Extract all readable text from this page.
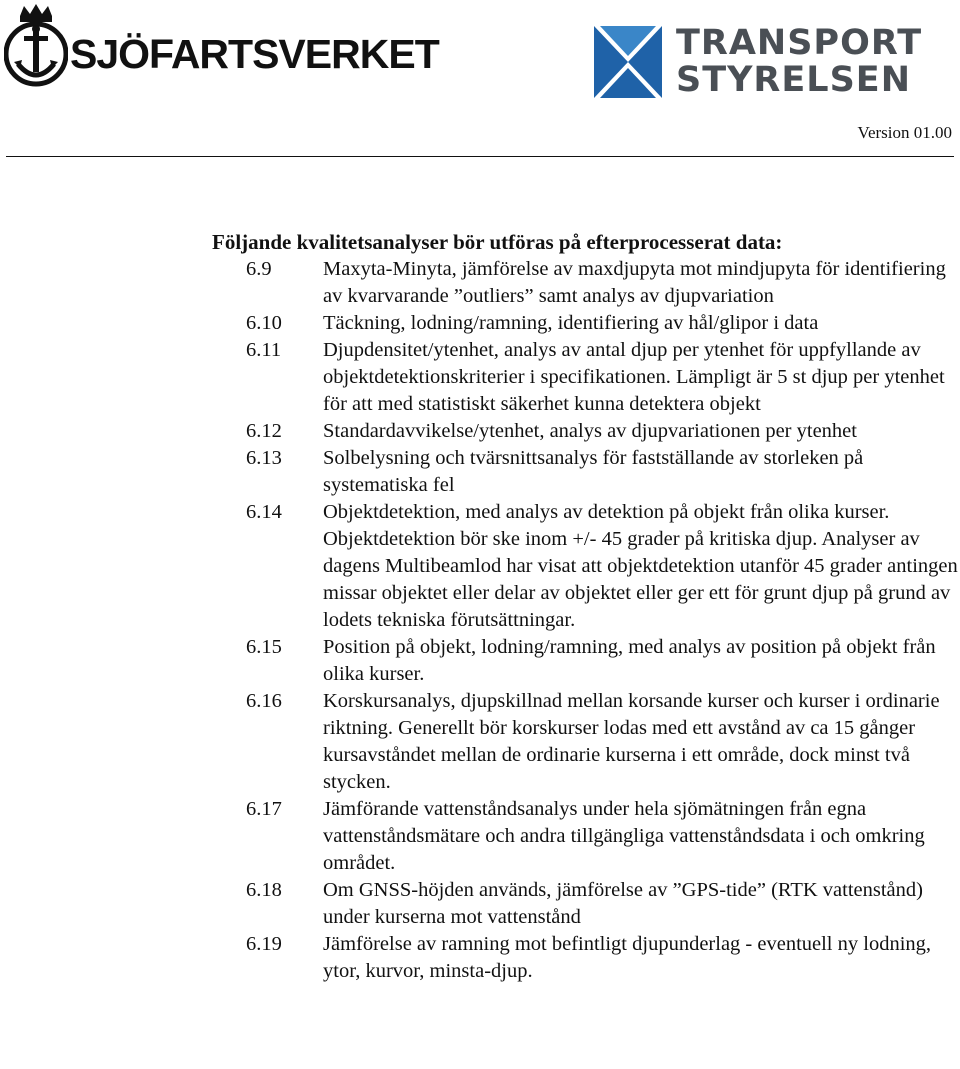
SJÖFARTSVERKET	TRANSPORT
STYRELSEN
Version 01.00

Följande kvalitetsanalyser bör utföras på efterprocesserat data:

6.9	Maxyta-Minyta, jämförelse av maxdjupyta mot mindjupyta för identifiering av kvarvarande ”outliers” samt analys av djupvariation
6.10 Täckning, lodning/ramning, identifiering av hål/glipor i data
6.11 Djupdensitet/ytenhet, analys av antal djup per ytenhet för uppfyllande av objektdetektionskriterier i specifikationen. Lämpligt är 5 st djup per ytenhet för att med statistiskt säkerhet kunna detektera objekt
6.12 Standardavvikelse/ytenhet, analys av djupvariationen per ytenhet
6.13 Solbelysning och tvärsnittsanalys för fastställande av storleken på systematiska fel
6.14 Objektdetektion, med analys av detektion på objekt från olika kurser. Objektdetektion bör ske inom +/- 45 grader på kritiska djup. Analyser av dagens Multibeamlod har visat att objektdetektion utanför 45 grader antingen missar objektet eller delar av objektet eller ger ett för grunt djup på grund av lodets tekniska förutsättningar.
6.15 Position på objekt, lodning/ramning, med analys av position på objekt från olika kurser.
6.16 Korskursanalys, djupskillnad mellan korsande kurser och kurser i ordinarie riktning. Generellt bör korskurser lodas med ett avstånd av ca 15 gånger kursavståndet mellan de ordinarie kurserna i ett område, dock minst två stycken.
6.17 Jämförande vattenståndsanalys under hela sjömätningen från egna vattenståndsmätare och andra tillgängliga vattenståndsdata i och omkring området.
6.18 Om GNSS-höjden används, jämförelse av ”GPS-tide” (RTK vattenstånd) under kurserna mot vattenstånd
6.19 Jämförelse av ramning mot befintligt djupunderlag - eventuell ny lodning, ytor, kurvor, minsta-djup.
